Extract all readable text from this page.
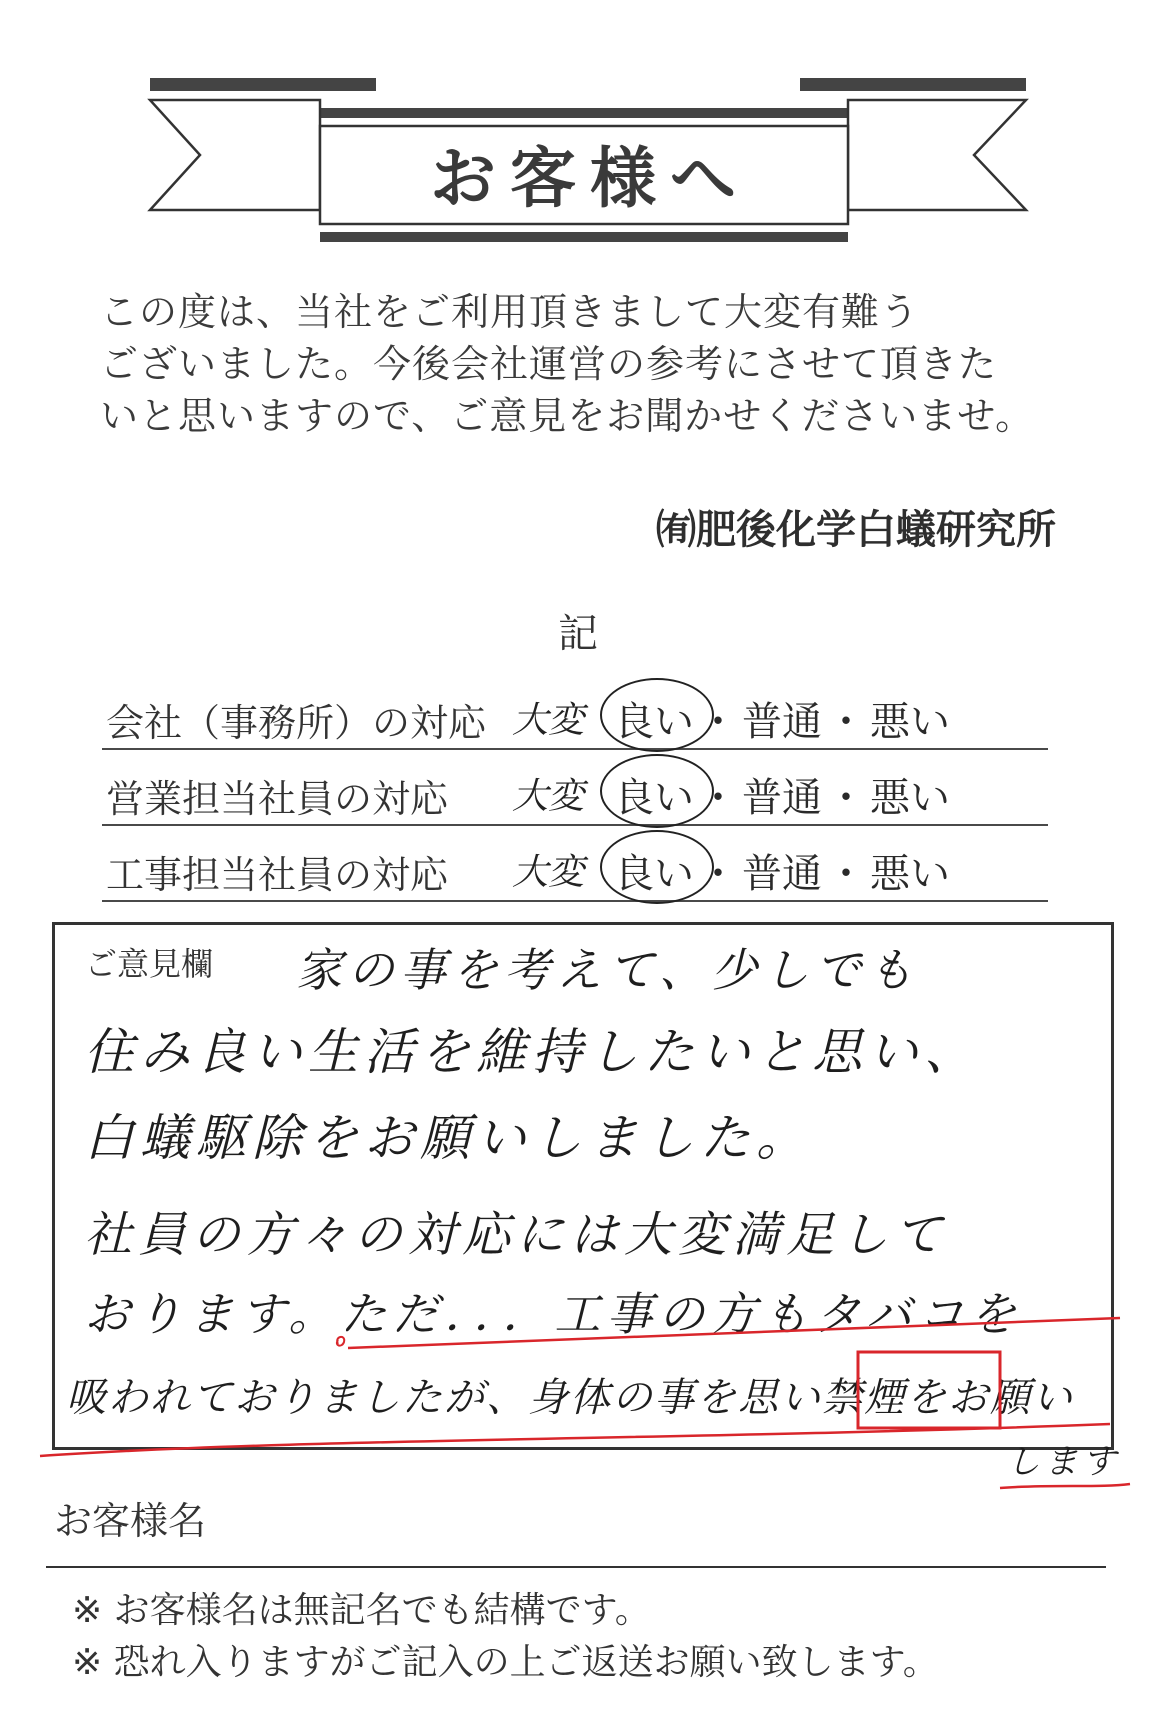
お客様へ
この度は、当社をご利用頂きまして大変有難う
ございました。今後会社運営の参考にさせて頂きた
いと思いますので、ご意見をお聞かせくださいませ。
㈲肥後化学白蟻研究所
記
会社（事務所）の対応 大変 良い ・ 普通 ・ 悪い
営業担当社員の対応 大変 良い ・ 普通 ・ 悪い
工事担当社員の対応 大変 良い ・ 普通 ・ 悪い
ご意見欄 家の事を考えて、少しでも
住み良い生活を維持したいと思い、
白蟻駆除をお願いしました。
社員の方々の対応には大変満足して
おります。ただ．．．工事の方もタバコを
吸われておりましたが、身体の事を思い禁煙をお願い
します
お客様名
※ お客様名は無記名でも結構です。
※ 恐れ入りますがご記入の上ご返送お願い致します。
